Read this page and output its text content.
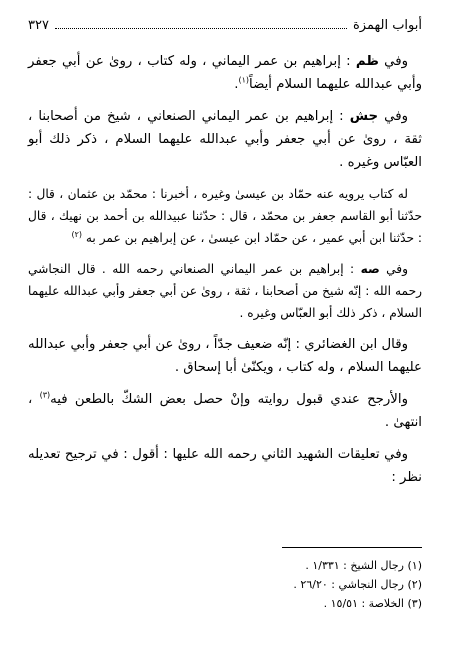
أبواب الهمزة
٣٢٧

وفي ظم : إبراهيم بن عمر اليماني ، وله كتاب ، روىٰ عن أبي جعفر وأبي عبدالله عليهما السلام أيضاً$^{(١)}$.

وفي جش : إبراهيم بن عمر اليماني الصنعاني ، شيخ من أصحابنا ، ثقة ، روىٰ عن أبي جعفر وأبي عبدالله عليهما السلام ، ذكر ذلك أبو العبّاس وغيره .

له كتاب يرويه عنه حمّاد بن عيسىٰ وغيره ، أخبرنا : محمّد بن عثمان ، قال : حدّثنا أبو القاسم جعفر بن محمّد ، قال : حدّثنا عبيدالله بن أحمد بن نهيك ، قال : حدّثنا ابن أبي عمير ، عن حمّاد ابن عيسىٰ ، عن إبراهيم بن عمر به $^{(٢)}$

وفي صه : إبراهيم بن عمر اليماني الصنعاني رحمه الله . قال النجاشي رحمه الله : إنّه شيخ من أصحابنا ، ثقة ، روىٰ عن أبي جعفر وأبي عبدالله عليهما السلام ، ذكر ذلك أبو العبّاس وغيره .

وقال ابن الغضائري : إنّه ضعيف جدّاً ، روىٰ عن أبي جعفر وأبي عبدالله عليهما السلام ، وله كتاب ، ويكنّىٰ أبا إسحاق .

والأرجح عندي قبول روايته وإنْ حصل بعض الشكّ بالطعن فيه$^{(٣)}$ ، انتهىٰ .

وفي تعليقات الشهيد الثاني رحمه الله عليها : أقول : في ترجيح تعديله نظر :

(١) رجال الشيخ : ١/٣٣١ .
(٢) رجال النجاشي : ٢٦/٢٠ .
(٣) الخلاصة : ١٥/٥١ .
